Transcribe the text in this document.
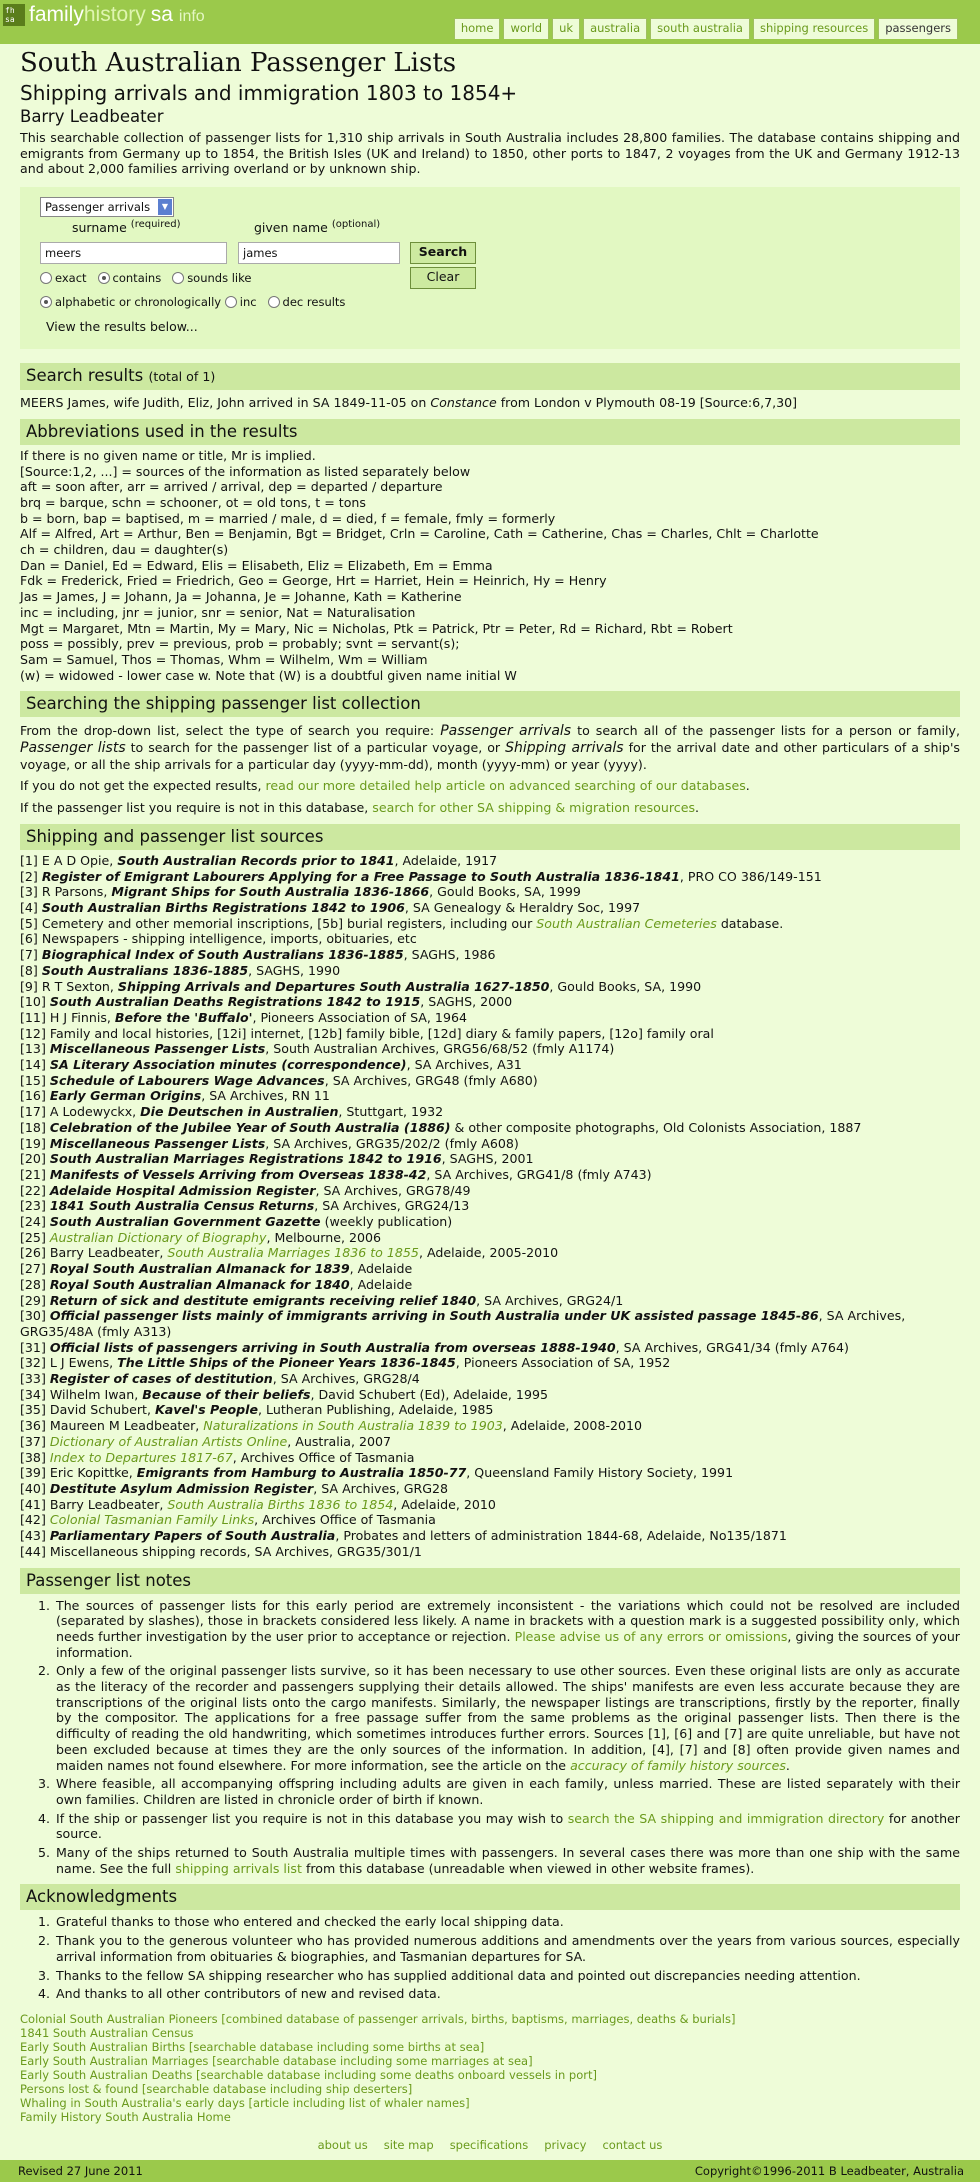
fh sa family history sa info
home	world	uk	australia	south australia	shipping resources	passengers
South Australian Passenger Lists
Shipping arrivals and immigration 1803 to 1854+
Barry Leadbeater
This searchable collection of passenger lists for 1,310 ship arrivals in South Australia includes 28,800 families. The database contains shipping and emigrants from Germany up to 1854, the British Isles (UK and Ireland) to 1850, other ports to 1847, 2 voyages from the UK and Germany 1912-13 and about 2,000 families arriving overland or by unknown ship.
Passenger arrivals	▼
surname $^{(required)}$	given name $^{(optional)}$
meers	james	Search
Clear
exact contains sounds like
alphabetic or chronologically inc dec results
View the results below...
Search results (total of 1)
MEERS James, wife Judith, Eliz, John arrived in SA 1849-11-05 on Constance from London v Plymouth 08-19 [Source:6,7,30]
Abbreviations used in the results
If there is no given name or title, Mr is implied.
[Source:1,2, ...] = sources of the information as listed separately below
aft = soon after, arr = arrived / arrival, dep = departed / departure
brq = barque, schn = schooner, ot = old tons, t = tons
b = born, bap = baptised, m = married / male, d = died, f = female, fmly = formerly
Alf = Alfred, Art = Arthur, Ben = Benjamin, Bgt = Bridget, Crln = Caroline, Cath = Catherine, Chas = Charles, Chlt = Charlotte
ch = children, dau = daughter(s)
Dan = Daniel, Ed = Edward, Elis = Elisabeth, Eliz = Elizabeth, Em = Emma
Fdk = Frederick, Fried = Friedrich, Geo = George, Hrt = Harriet, Hein = Heinrich, Hy = Henry
Jas = James, J = Johann, Ja = Johanna, Je = Johanne, Kath = Katherine
inc = including, jnr = junior, snr = senior, Nat = Naturalisation
Mgt = Margaret, Mtn = Martin, My = Mary, Nic = Nicholas, Ptk = Patrick, Ptr = Peter, Rd = Richard, Rbt = Robert
poss = possibly, prev = previous, prob = probably; svnt = servant(s);
Sam = Samuel, Thos = Thomas, Whm = Wilhelm, Wm = William
(w) = widowed - lower case w. Note that (W) is a doubtful given name initial W
Searching the shipping passenger list collection
From the drop-down list, select the type of search you require: Passenger arrivals to search all of the passenger lists for a person or family, Passenger lists to search for the passenger list of a particular voyage, or Shipping arrivals for the arrival date and other particulars of a ship's voyage, or all the ship arrivals for a particular day (yyyy-mm-dd), month (yyyy-mm) or year (yyyy).
If you do not get the expected results, read our more detailed help article on advanced searching of our databases.
If the passenger list you require is not in this database, search for other SA shipping & migration resources.
Shipping and passenger list sources
[1] E A D Opie, South Australian Records prior to 1841, Adelaide, 1917
[2] Register of Emigrant Labourers Applying for a Free Passage to South Australia 1836-1841, PRO CO 386/149-151
[3] R Parsons, Migrant Ships for South Australia 1836-1866, Gould Books, SA, 1999
[4] South Australian Births Registrations 1842 to 1906, SA Genealogy & Heraldry Soc, 1997
[5] Cemetery and other memorial inscriptions, [5b] burial registers, including our South Australian Cemeteries database.
[6] Newspapers - shipping intelligence, imports, obituaries, etc
[7] Biographical Index of South Australians 1836-1885, SAGHS, 1986
[8] South Australians 1836-1885, SAGHS, 1990
[9] R T Sexton, Shipping Arrivals and Departures South Australia 1627-1850, Gould Books, SA, 1990
[10] South Australian Deaths Registrations 1842 to 1915, SAGHS, 2000
[11] H J Finnis, Before the 'Buffalo', Pioneers Association of SA, 1964
[12] Family and local histories, [12i] internet, [12b] family bible, [12d] diary & family papers, [12o] family oral
[13] Miscellaneous Passenger Lists, South Australian Archives, GRG56/68/52 (fmly A1174)
[14] SA Literary Association minutes (correspondence), SA Archives, A31
[15] Schedule of Labourers Wage Advances, SA Archives, GRG48 (fmly A680)
[16] Early German Origins, SA Archives, RN 11
[17] A Lodewyckx, Die Deutschen in Australien, Stuttgart, 1932
[18] Celebration of the Jubilee Year of South Australia (1886) & other composite photographs, Old Colonists Association, 1887
[19] Miscellaneous Passenger Lists, SA Archives, GRG35/202/2 (fmly A608)
[20] South Australian Marriages Registrations 1842 to 1916, SAGHS, 2001
[21] Manifests of Vessels Arriving from Overseas 1838-42, SA Archives, GRG41/8 (fmly A743)
[22] Adelaide Hospital Admission Register, SA Archives, GRG78/49
[23] 1841 South Australia Census Returns, SA Archives, GRG24/13
[24] South Australian Government Gazette (weekly publication)
[25] Australian Dictionary of Biography, Melbourne, 2006
[26] Barry Leadbeater, South Australia Marriages 1836 to 1855, Adelaide, 2005-2010
[27] Royal South Australian Almanack for 1839, Adelaide
[28] Royal South Australian Almanack for 1840, Adelaide
[29] Return of sick and destitute emigrants receiving relief 1840, SA Archives, GRG24/1
[30] Official passenger lists mainly of immigrants arriving in South Australia under UK assisted passage 1845-86, SA Archives,
GRG35/48A (fmly A313)
[31] Official lists of passengers arriving in South Australia from overseas 1888-1940, SA Archives, GRG41/34 (fmly A764)
[32] L J Ewens, The Little Ships of the Pioneer Years 1836-1845, Pioneers Association of SA, 1952
[33] Register of cases of destitution, SA Archives, GRG28/4
[34] Wilhelm Iwan, Because of their beliefs, David Schubert (Ed), Adelaide, 1995
[35] David Schubert, Kavel's People, Lutheran Publishing, Adelaide, 1985
[36] Maureen M Leadbeater, Naturalizations in South Australia 1839 to 1903, Adelaide, 2008-2010
[37] Dictionary of Australian Artists Online, Australia, 2007
[38] Index to Departures 1817-67, Archives Office of Tasmania
[39] Eric Kopittke, Emigrants from Hamburg to Australia 1850-77, Queensland Family History Society, 1991
[40] Destitute Asylum Admission Register, SA Archives, GRG28
[41] Barry Leadbeater, South Australia Births 1836 to 1854, Adelaide, 2010
[42] Colonial Tasmanian Family Links, Archives Office of Tasmania
[43] Parliamentary Papers of South Australia, Probates and letters of administration 1844-68, Adelaide, No135/1871
[44] Miscellaneous shipping records, SA Archives, GRG35/301/1
Passenger list notes
1. The sources of passenger lists for this early period are extremely inconsistent - the variations which could not be resolved are included (separated by slashes), those in brackets considered less likely. A name in brackets with a question mark is a suggested possibility only, which needs further investigation by the user prior to acceptance or rejection. Please advise us of any errors or omissions, giving the sources of your information.
2. Only a few of the original passenger lists survive, so it has been necessary to use other sources. Even these original lists are only as accurate as the literacy of the recorder and passengers supplying their details allowed. The ships' manifests are even less accurate because they are transcriptions of the original lists onto the cargo manifests. Similarly, the newspaper listings are transcriptions, firstly by the reporter, finally by the compositor. The applications for a free passage suffer from the same problems as the original passenger lists. Then there is the difficulty of reading the old handwriting, which sometimes introduces further errors. Sources [1], [6] and [7] are quite unreliable, but have not been excluded because at times they are the only sources of the information. In addition, [4], [7] and [8] often provide given names and maiden names not found elsewhere. For more information, see the article on the accuracy of family history sources.
3. Where feasible, all accompanying offspring including adults are given in each family, unless married. These are listed separately with their own families. Children are listed in chronicle order of birth if known.
4. If the ship or passenger list you require is not in this database you may wish to search the SA shipping and immigration directory for another source.
5. Many of the ships returned to South Australia multiple times with passengers. In several cases there was more than one ship with the same name. See the full shipping arrivals list from this database (unreadable when viewed in other website frames).
Acknowledgments
1. Grateful thanks to those who entered and checked the early local shipping data.
2. Thank you to the generous volunteer who has provided numerous additions and amendments over the years from various sources, especially arrival information from obituaries & biographies, and Tasmanian departures for SA.
3. Thanks to the fellow SA shipping researcher who has supplied additional data and pointed out discrepancies needing attention.
4. And thanks to all other contributors of new and revised data.
Colonial South Australian Pioneers [combined database of passenger arrivals, births, baptisms, marriages, deaths & burials]
1841 South Australian Census
Early South Australian Births [searchable database including some births at sea]
Early South Australian Marriages [searchable database including some marriages at sea]
Early South Australian Deaths [searchable database including some deaths onboard vessels in port]
Persons lost & found [searchable database including ship deserters]
Whaling in South Australia's early days [article including list of whaler names]
Family History South Australia Home
about us site map specifications privacy contact us
Revised 27 June 2011	Copyright©1996-2011 B Leadbeater, Australia
